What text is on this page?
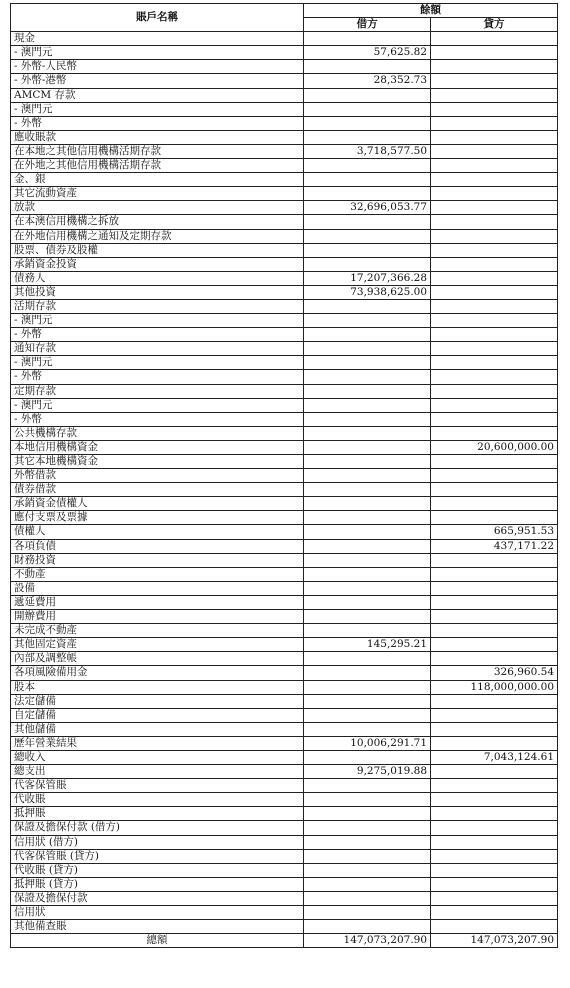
賬戶名稱	餘額	
	借方	貸方
現金		
- 澳門元	57,625.82	
- 外幣-人民幣		
- 外幣-港幣	28,352.73	
AMCM 存款		
- 澳門元		
- 外幣		
應收賬款		
在本地之其他信用機構活期存款	3,718,577.50	
在外地之其他信用機構活期存款		
金、銀		
其它流動資產		
放款	32,696,053.77	
在本澳信用機構之拆放		
在外地信用機構之通知及定期存款		
股票、債券及股權		
承銷資金投資		
債務人	17,207,366.28	
其他投資	73,938,625.00	
活期存款		
- 澳門元		
- 外幣		
通知存款		
- 澳門元		
- 外幣		
定期存款		
- 澳門元		
- 外幣		
公共機構存款		
本地信用機構資金		20,600,000.00
其它本地機構資金		
外幣借款		
債券借款		
承銷資金債權人		
應付支票及票據		
債權人		665,951.53
各項負債		437,171.22
財務投資		
不動產		
設備		
遞延費用		
開辦費用		
未完成不動產		
其他固定資產	145,295.21	
內部及調整帳		
各項風險備用金		326,960.54
股本		118,000,000.00
法定儲備		
自定儲備		
其他儲備		
歷年營業結果	10,006,291.71	
總收入		7,043,124.61
總支出	9,275,019.88	
代客保管賬		
代收賬		
抵押賬		
保證及擔保付款 (借方)		
信用狀 (借方)		
代客保管賬 (貸方)		
代收賬 (貸方)		
抵押賬 (貸方)		
保證及擔保付款		
信用狀		
其他備查賬		
總額	147,073,207.90	147,073,207.90
